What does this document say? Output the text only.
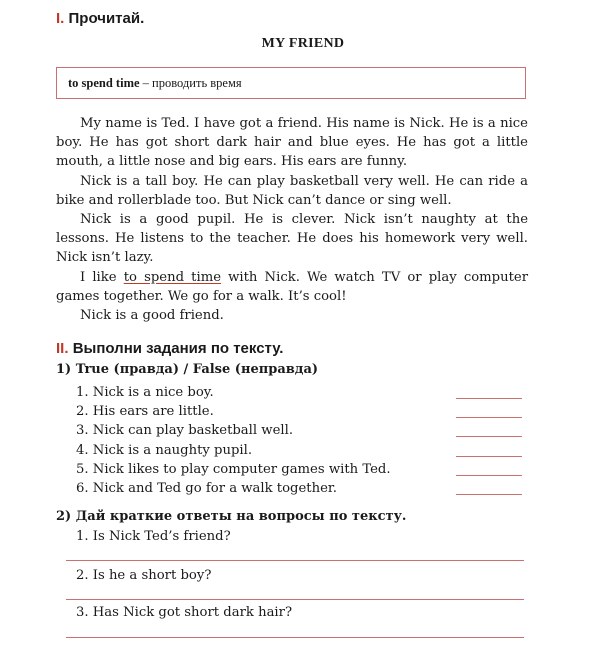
I. Прочитай.
MY FRIEND
to spend time – проводить время

My name is Ted. I have got a friend. His name is Nick. He is a nice boy. He has got short dark hair and blue eyes. He has got a little mouth, a little nose and big ears. His ears are funny.

Nick is a tall boy. He can play basketball very well. He can ride a bike and rollerblade too. But Nick can’t dance or sing well.

Nick is a good pupil. He is clever. Nick isn’t naughty at the lessons. He listens to the teacher. He does his homework very well. Nick isn’t lazy.

I like to spend time with Nick. We watch TV or play computer games together. We go for a walk. It’s cool!

Nick is a good friend.

II. Выполни задания по тексту.
1) True (правда) / False (неправда)
1. Nick is a nice boy.
2. His ears are little.
3. Nick can play basketball well.
4. Nick is a naughty pupil.
5. Nick likes to play computer games with Ted.
6. Nick and Ted go for a walk together.
2) Дай краткие ответы на вопросы по тексту.
1. Is Nick Ted’s friend?
2. Is he a short boy?
3. Has Nick got short dark hair?
